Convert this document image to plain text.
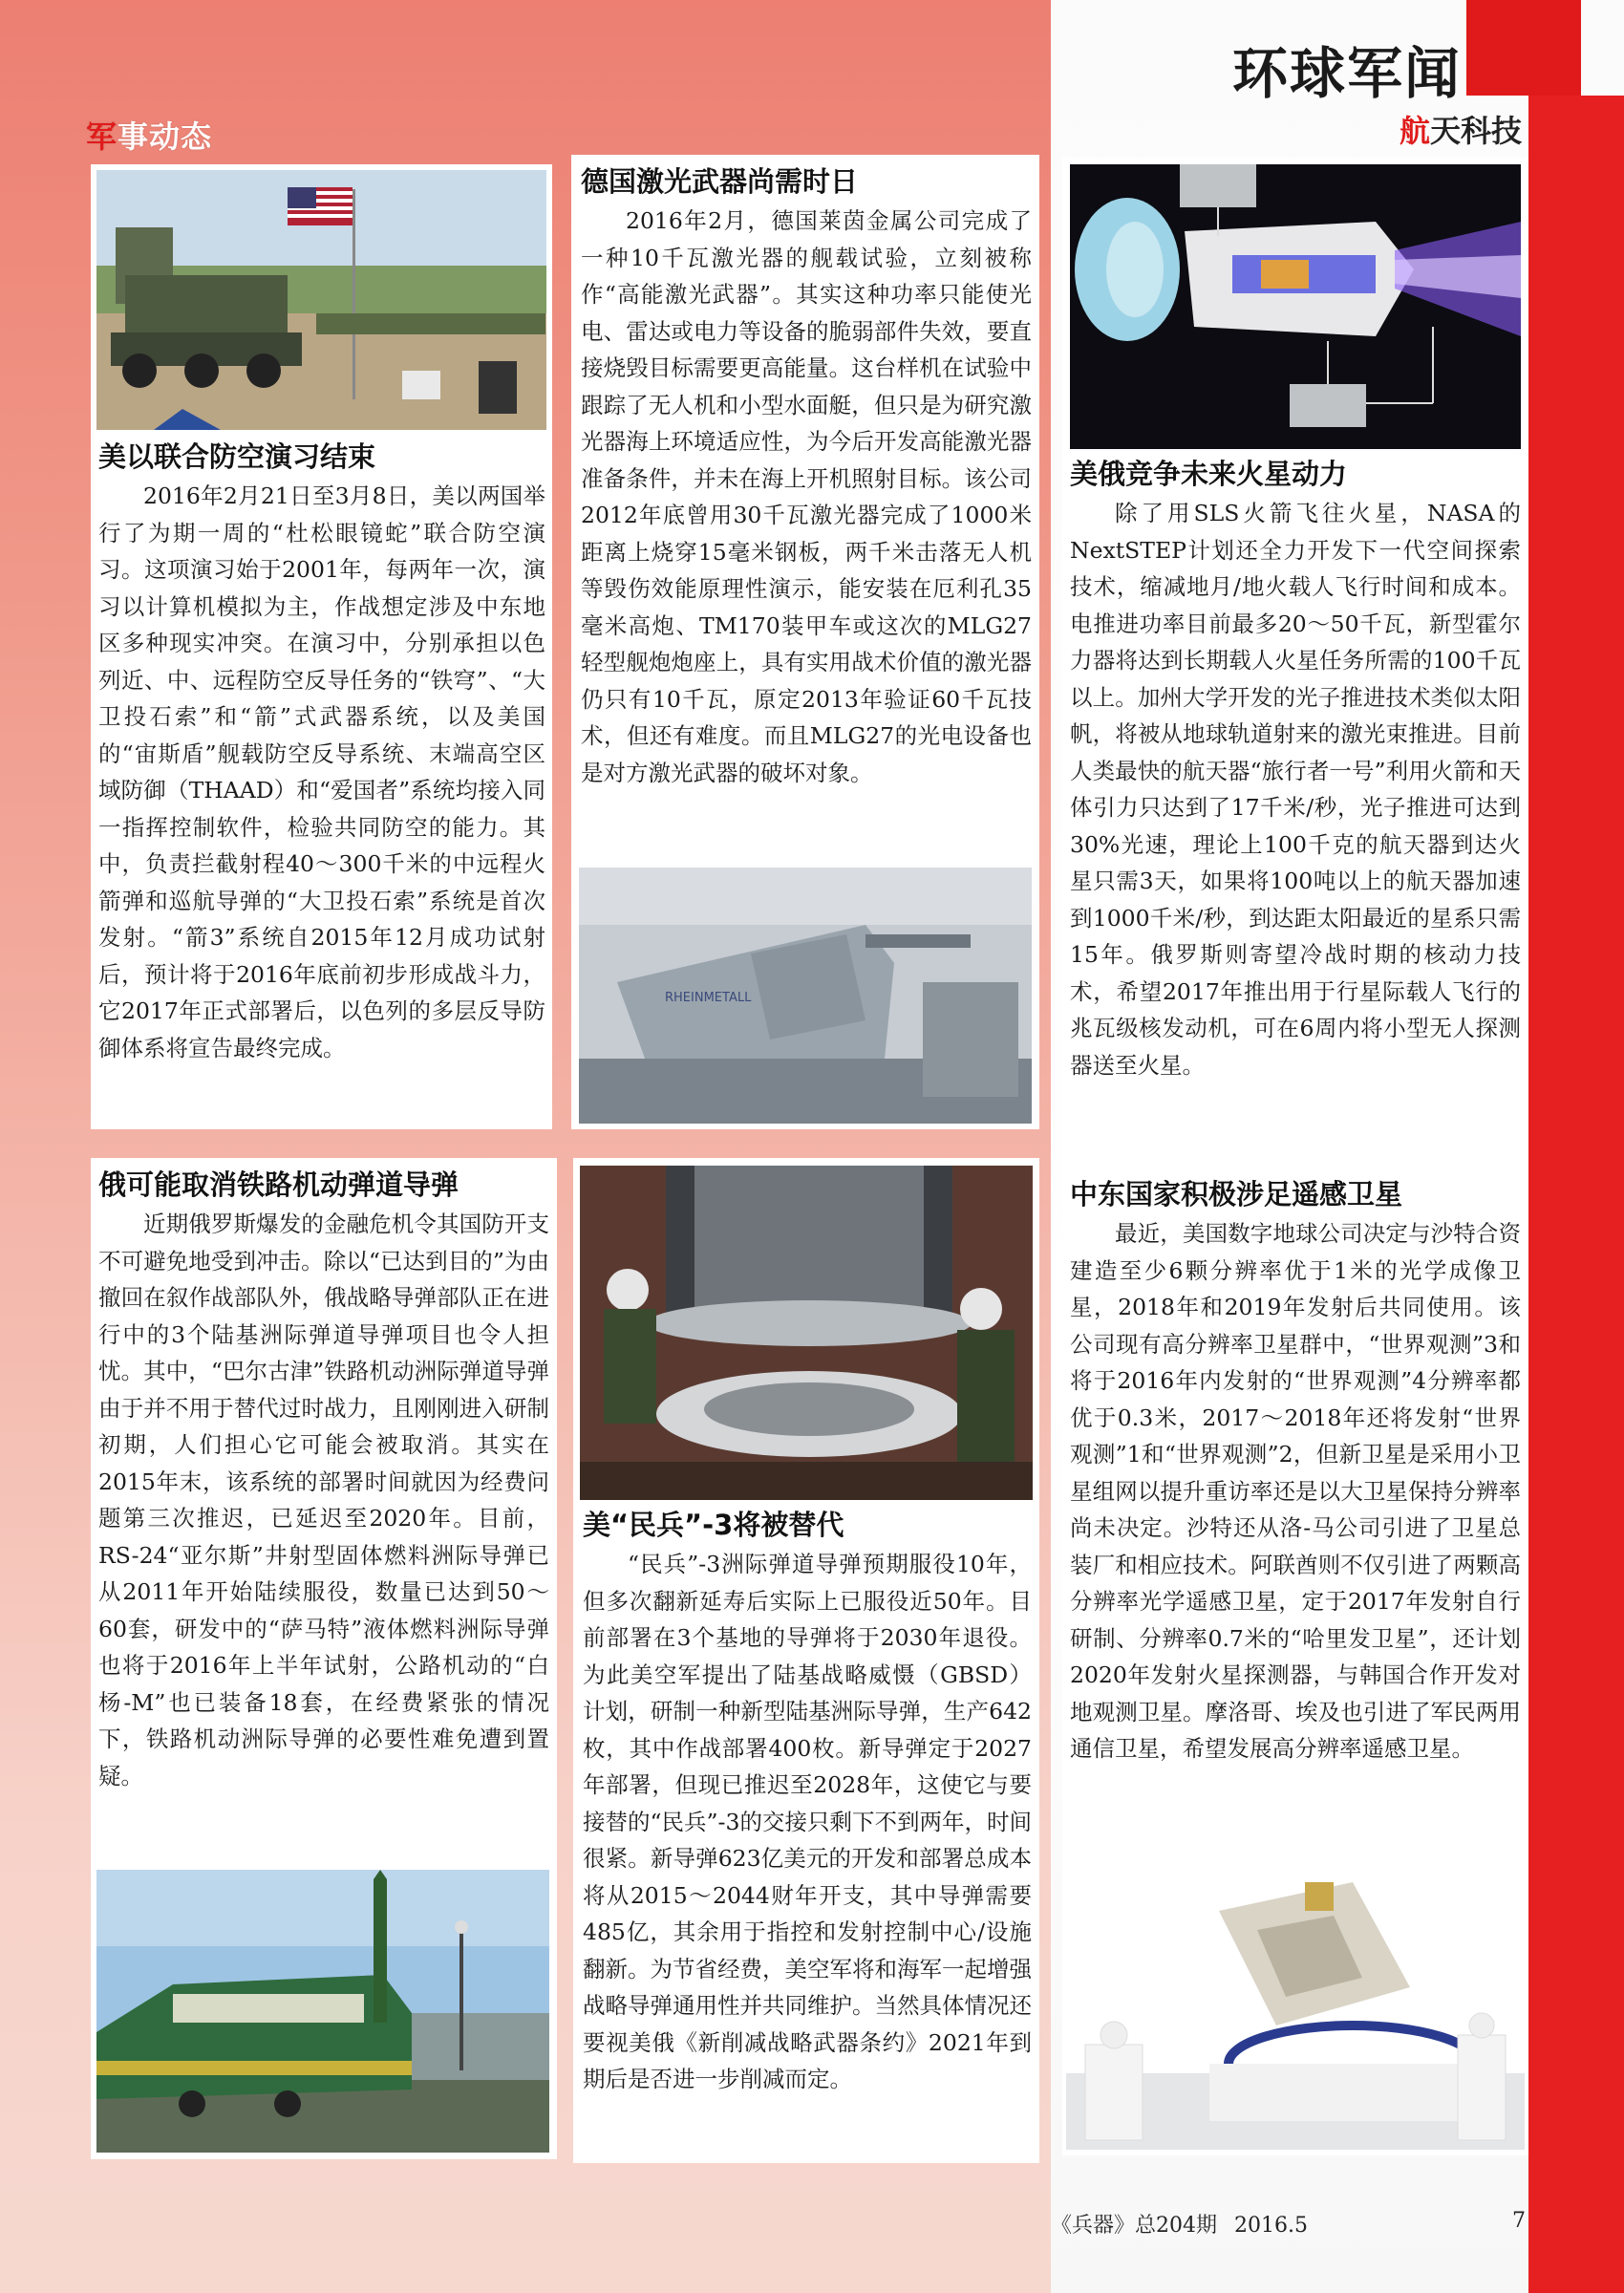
环球军闻
航天科技
军事动态
美以联合防空演习结束

2016年2月21日至3月8日，美以两国举行了为期一周的“杜松眼镜蛇”联合防空演习。这项演习始于2001年，每两年一次，演习以计算机模拟为主，作战想定涉及中东地区多种现实冲突。在演习中，分别承担以色列近、中、远程防空反导任务的“铁穹”、“大卫投石索”和“箭”式武器系统，以及美国的“宙斯盾”舰载防空反导系统、末端高空区域防御（THAAD）和“爱国者”系统均接入同一指挥控制软件，检验共同防空的能力。其中，负责拦截射程40～300千米的中远程火箭弹和巡航导弹的“大卫投石索”系统是首次发射。“箭3”系统自2015年12月成功试射后，预计将于2016年底前初步形成战斗力，它2017年正式部署后，以色列的多层反导防御体系将宣告最终完成。

德国激光武器尚需时日

2016年2月，德国莱茵金属公司完成了一种10千瓦激光器的舰载试验，立刻被称作“高能激光武器”。其实这种功率只能使光电、雷达或电力等设备的脆弱部件失效，要直接烧毁目标需要更高能量。这台样机在试验中跟踪了无人机和小型水面艇，但只是为研究激光器海上环境适应性，为今后开发高能激光器准备条件，并未在海上开机照射目标。该公司2012年底曾用30千瓦激光器完成了1000米距离上烧穿15毫米钢板，两千米击落无人机等毁伤效能原理性演示，能安装在厄利孔35毫米高炮、TM170装甲车或这次的MLG27轻型舰炮炮座上，具有实用战术价值的激光器仍只有10千瓦，原定2013年验证60千瓦技术，但还有难度。而且MLG27的光电设备也是对方激光武器的破坏对象。

RHEINMETALL
美俄竞争未来火星动力

除了用SLS火箭飞往火星，NASA的NextSTEP计划还全力开发下一代空间探索技术，缩减地月/地火载人飞行时间和成本。电推进功率目前最多20～50千瓦，新型霍尔力器将达到长期载人火星任务所需的100千瓦以上。加州大学开发的光子推进技术类似太阳帆，将被从地球轨道射来的激光束推进。目前人类最快的航天器“旅行者一号”利用火箭和天体引力只达到了17千米/秒，光子推进可达到30%光速，理论上100千克的航天器到达火星只需3天，如果将100吨以上的航天器加速到1000千米/秒，到达距太阳最近的星系只需15年。俄罗斯则寄望冷战时期的核动力技术，希望2017年推出用于行星际载人飞行的兆瓦级核发动机，可在6周内将小型无人探测器送至火星。

俄可能取消铁路机动弹道导弹

近期俄罗斯爆发的金融危机令其国防开支不可避免地受到冲击。除以“已达到目的”为由撤回在叙作战部队外，俄战略导弹部队正在进行中的3个陆基洲际弹道导弹项目也令人担忧。其中，“巴尔古津”铁路机动洲际弹道导弹由于并不用于替代过时战力，且刚刚进入研制初期，人们担心它可能会被取消。其实在2015年末，该系统的部署时间就因为经费问题第三次推迟，已延迟至2020年。目前，RS-24“亚尔斯”井射型固体燃料洲际导弹已从2011年开始陆续服役，数量已达到50～60套，研发中的“萨马特”液体燃料洲际导弹也将于2016年上半年试射，公路机动的“白杨-M”也已装备18套，在经费紧张的情况下，铁路机动洲际导弹的必要性难免遭到置疑。

美“民兵”-3将被替代

“民兵”-3洲际弹道导弹预期服役10年，但多次翻新延寿后实际上已服役近50年。目前部署在3个基地的导弹将于2030年退役。为此美空军提出了陆基战略威慑（GBSD）计划，研制一种新型陆基洲际导弹，生产642枚，其中作战部署400枚。新导弹定于2027年部署，但现已推迟至2028年，这使它与要接替的“民兵”-3的交接只剩下不到两年，时间很紧。新导弹623亿美元的开发和部署总成本将从2015～2044财年开支，其中导弹需要485亿，其余用于指控和发射控制中心/设施翻新。为节省经费，美空军将和海军一起增强战略导弹通用性并共同维护。当然具体情况还要视美俄《新削减战略武器条约》2021年到期后是否进一步削减而定。

中东国家积极涉足遥感卫星

最近，美国数字地球公司决定与沙特合资建造至少6颗分辨率优于1米的光学成像卫星，2018年和2019年发射后共同使用。该公司现有高分辨率卫星群中，“世界观测”3和将于2016年内发射的“世界观测”4分辨率都优于0.3米，2017～2018年还将发射“世界观测”1和“世界观测”2，但新卫星是采用小卫星组网以提升重访率还是以大卫星保持分辨率尚未决定。沙特还从洛-马公司引进了卫星总装厂和相应技术。阿联酋则不仅引进了两颗高分辨率光学遥感卫星，定于2017年发射自行研制、分辨率0.7米的“哈里发卫星”，还计划2020年发射火星探测器，与韩国合作开发对地观测卫星。摩洛哥、埃及也引进了军民两用通信卫星，希望发展高分辨率遥感卫星。

《兵器》总204期 2016.5	7
